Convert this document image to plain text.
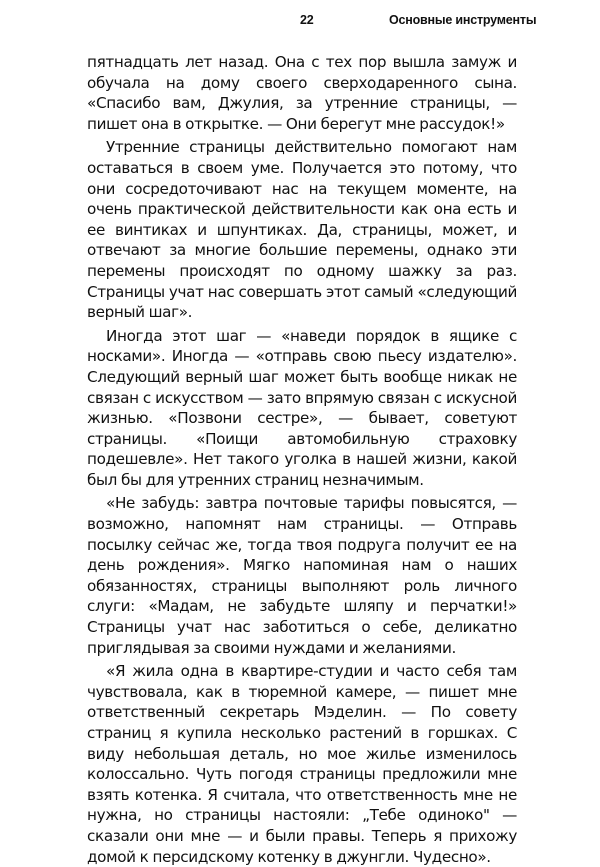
22	Основные инструменты

пятнадцать лет назад. Она с тех пор вышла замуж и обучала на дому своего сверходаренного сына. «Спасибо вам, Джулия, за утренние страницы, — пишет она в открытке. — Они берегут мне рассудок!»

Утренние страницы действительно помогают нам оставаться в своем уме. Получается это потому, что они сосредоточивают нас на текущем моменте, на очень практической действительности как она есть и ее винтиках и шпунтиках. Да, страницы, может, и отвечают за многие большие перемены, однако эти перемены происходят по одному шажку за раз. Страницы учат нас совершать этот самый «следующий верный шаг».

Иногда этот шаг — «наведи порядок в ящике с носками». Иногда — «отправь свою пьесу издателю». Следующий верный шаг может быть вообще никак не связан с искусством — зато впрямую связан с искусной жизнью. «Позвони сестре», — бывает, советуют страницы. «Поищи автомобильную страховку подешевле». Нет такого уголка в нашей жизни, какой был бы для утренних страниц незначимым.

«Не забудь: завтра почтовые тарифы повысятся, — возможно, напомнят нам страницы. — Отправь посылку сейчас же, тогда твоя подруга получит ее на день рождения». Мягко напоминая нам о наших обязанностях, страницы выполняют роль личного слуги: «Мадам, не забудьте шляпу и перчатки!» Страницы учат нас заботиться о себе, деликатно приглядывая за своими нуждами и желаниями.

«Я жила одна в квартире-студии и часто себя там чувствовала, как в тюремной камере, — пишет мне ответственный секретарь Мэделин. — По совету страниц я купила несколько растений в горшках. С виду небольшая деталь, но мое жилье изменилось колоссально. Чуть погодя страницы предложили мне взять котенка. Я считала, что ответственность мне не нужна, но страницы настояли: „Тебе одиноко" — сказали они мне — и были правы. Теперь я прихожу домой к персидскому котенку в джунгли. Чудесно».
